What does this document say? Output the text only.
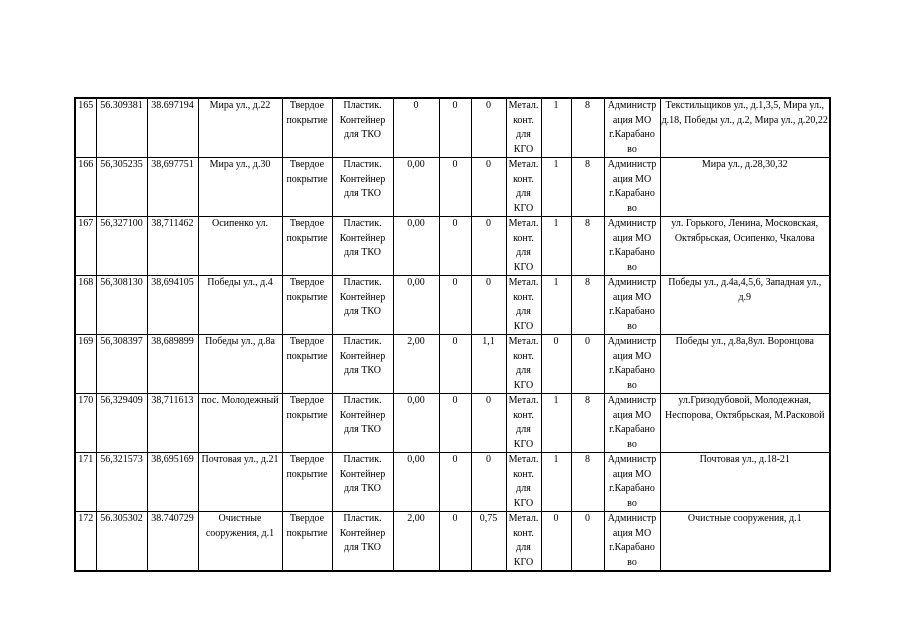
165	56.309381	38.697194	Мира ул., д.22	Твердое покрытие	Пластик. Контейнер для ТКО	0	0	0	Метал. конт. для КГО	1	8	Администр ация МО г.Карабано во	Текстильщиков ул., д.1,3,5, Мира ул., д.18, Победы ул., д.2, Мира ул., д.20,22
166	56,305235	38,697751	Мира ул., д.30	Твердое покрытие	Пластик. Контейнер для ТКО	0,00	0	0	Метал. конт. для КГО	1	8	Администр ация МО г.Карабано во	Мира ул., д.28,30,32
167	56,327100	38,711462	Осипенко ул.	Твердое покрытие	Пластик. Контейнер для ТКО	0,00	0	0	Метал. конт. для КГО	1	8	Администр ация МО г.Карабано во	ул. Горького, Ленина, Московская, Октябрьская, Осипенко, Чкалова
168	56,308130	38,694105	Победы ул., д.4	Твердое покрытие	Пластик. Контейнер для ТКО	0,00	0	0	Метал. конт. для КГО	1	8	Администр ация МО г.Карабано во	Победы ул., д.4а,4,5,6, Западная ул., д.9
169	56,308397	38,689899	Победы ул., д.8а	Твердое покрытие	Пластик. Контейнер для ТКО	2,00	0	1,1	Метал. конт. для КГО	0	0	Администр ация МО г.Карабано во	Победы ул., д.8а,8ул. Воронцова
170	56,329409	38,711613	пос. Молодежный	Твердое покрытие	Пластик. Контейнер для ТКО	0,00	0	0	Метал. конт. для КГО	1	8	Администр ация МО г.Карабано во	ул.Гризодубовой, Молодежная, Неспорова, Октябрьская, М.Расковой
171	56,321573	38,695169	Почтовая ул., д.21	Твердое покрытие	Пластик. Контейнер для ТКО	0,00	0	0	Метал. конт. для КГО	1	8	Администр ация МО г.Карабано во	Почтовая ул., д.18-21
172	56.305302	38.740729	Очистные сооружения, д.1	Твердое покрытие	Пластик. Контейнер для ТКО	2,00	0	0,75	Метал. конт. для КГО	0	0	Администр ация МО г.Карабано во	Очистные сооружения, д.1
